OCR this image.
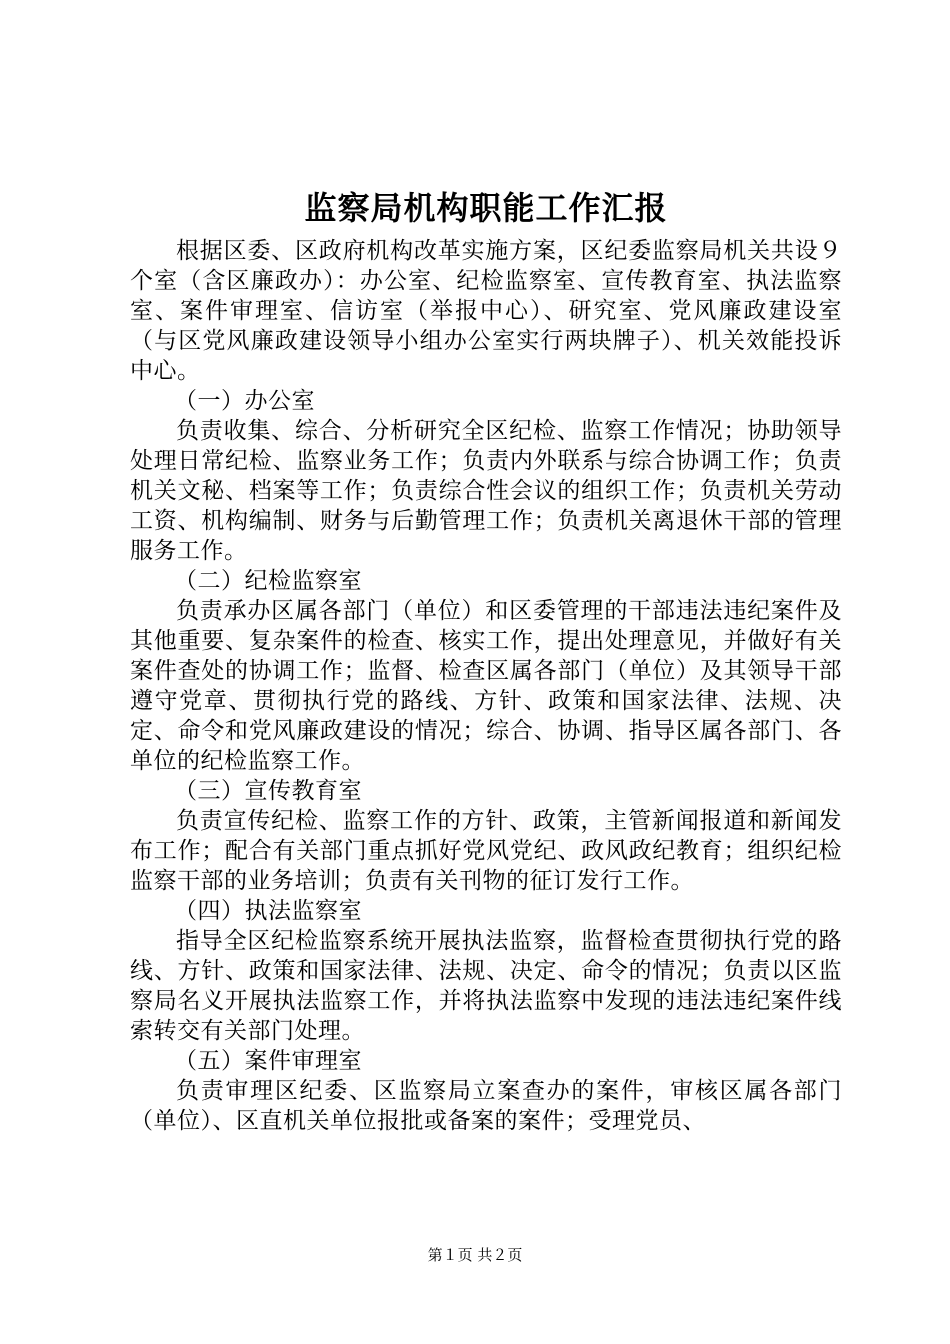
监察局机构职能工作汇报

根据区委、区政府机构改革实施方案，区纪委监察局机关共设９个室（含区廉政办）：办公室、纪检监察室、宣传教育室、执法监察室、案件审理室、信访室（举报中心）、研究室、党风廉政建设室（与区党风廉政建设领导小组办公室实行两块牌子）、机关效能投诉中心。

（一）办公室

负责收集、综合、分析研究全区纪检、监察工作情况；协助领导处理日常纪检、监察业务工作；负责内外联系与综合协调工作；负责机关文秘、档案等工作；负责综合性会议的组织工作；负责机关劳动工资、机构编制、财务与后勤管理工作；负责机关离退休干部的管理服务工作。

（二）纪检监察室

负责承办区属各部门（单位）和区委管理的干部违法违纪案件及其他重要、复杂案件的检查、核实工作，提出处理意见，并做好有关案件查处的协调工作；监督、检查区属各部门（单位）及其领导干部遵守党章、贯彻执行党的路线、方针、政策和国家法律、法规、决定、命令和党风廉政建设的情况；综合、协调、指导区属各部门、各单位的纪检监察工作。

（三）宣传教育室

负责宣传纪检、监察工作的方针、政策，主管新闻报道和新闻发布工作；配合有关部门重点抓好党风党纪、政风政纪教育；组织纪检监察干部的业务培训；负责有关刊物的征订发行工作。

（四）执法监察室

指导全区纪检监察系统开展执法监察，监督检查贯彻执行党的路线、方针、政策和国家法律、法规、决定、命令的情况；负责以区监察局名义开展执法监察工作，并将执法监察中发现的违法违纪案件线索转交有关部门处理。

（五）案件审理室

负责审理区纪委、区监察局立案查办的案件，审核区属各部门（单位）、区直机关单位报批或备案的案件；受理党员、

第１页 共２页
